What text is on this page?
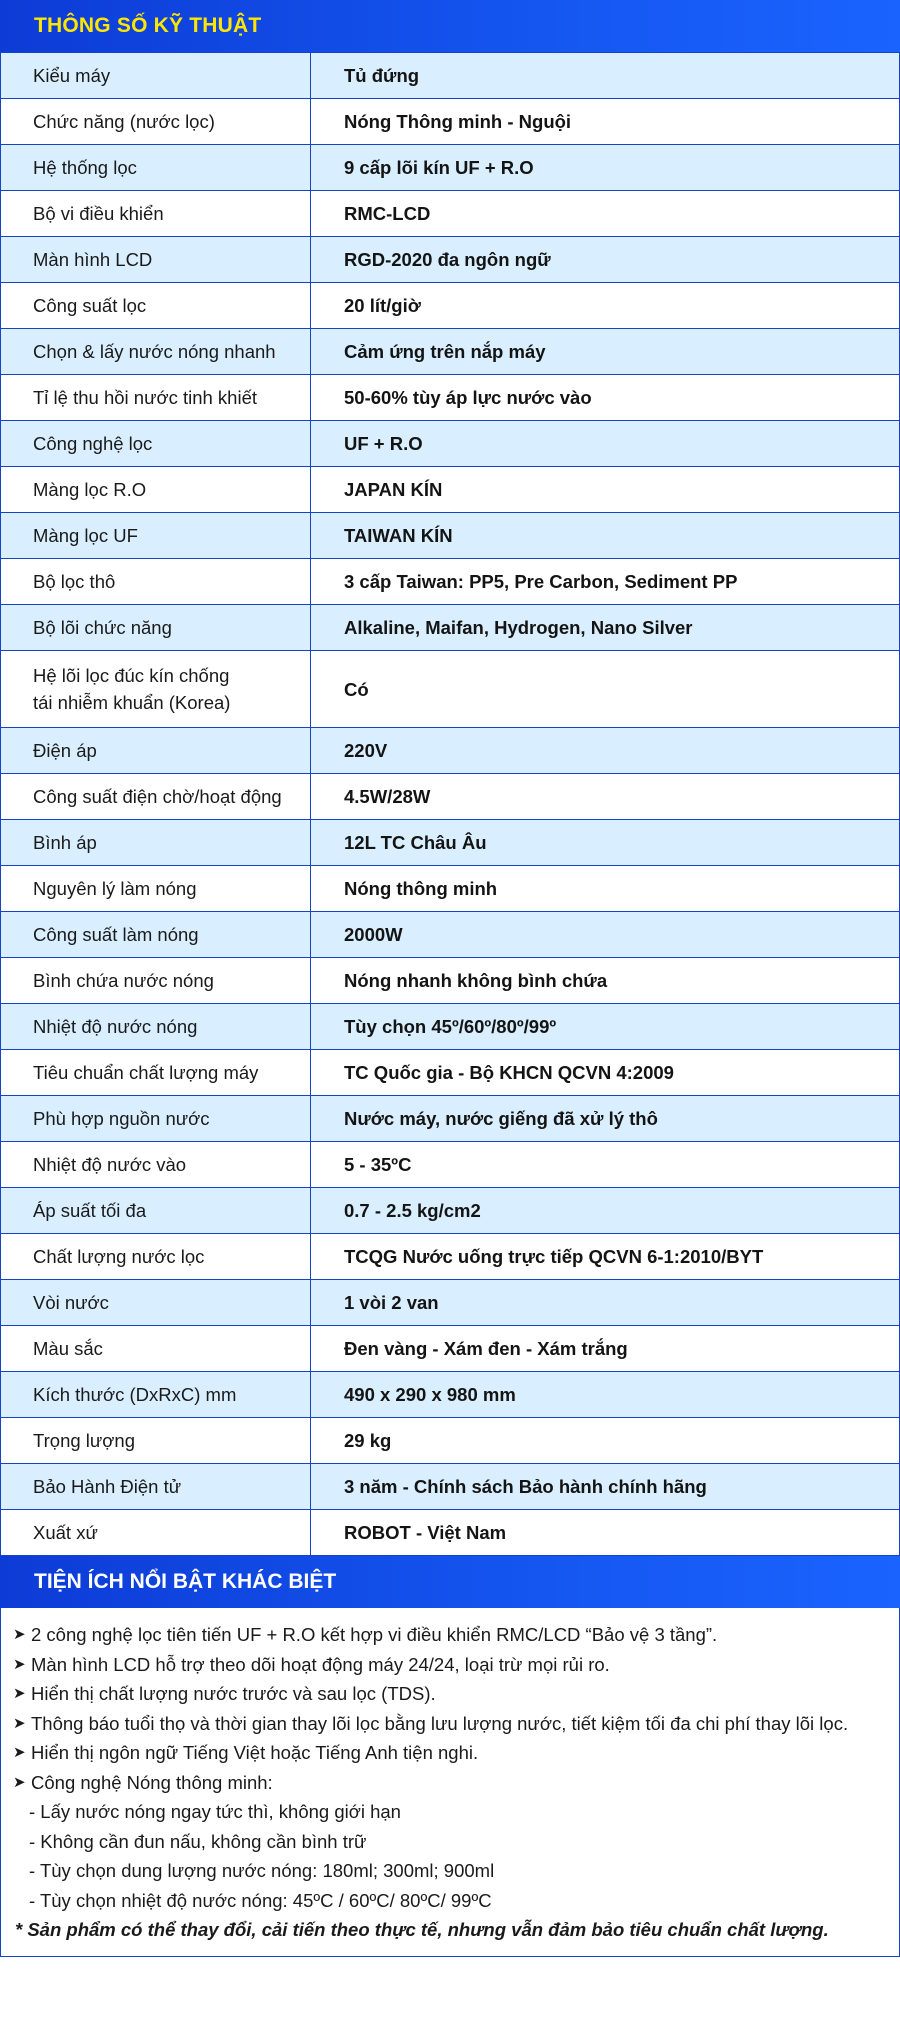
THÔNG SỐ KỸ THUẬT
Kiểu máy	Tủ đứng
Chức năng (nước lọc)	Nóng Thông minh - Nguội
Hệ thống lọc	9 cấp lõi kín UF + R.O
Bộ vi điều khiển	RMC-LCD
Màn hình LCD	RGD-2020 đa ngôn ngữ
Công suất lọc	20 lít/giờ
Chọn & lấy nước nóng nhanh	Cảm ứng trên nắp máy
Tỉ lệ thu hồi nước tinh khiết	50-60% tùy áp lực nước vào
Công nghệ lọc	UF + R.O
Màng lọc R.O	JAPAN KÍN
Màng lọc UF	TAIWAN KÍN
Bộ lọc thô	3 cấp Taiwan: PP5, Pre Carbon, Sediment PP
Bộ lõi chức năng	Alkaline, Maifan, Hydrogen, Nano Silver
Hệ lõi lọc đúc kín chống
tái nhiễm khuẩn (Korea)	Có
Điện áp	220V
Công suất điện chờ/hoạt động	4.5W/28W
Bình áp	12L TC Châu Âu
Nguyên lý làm nóng	Nóng thông minh
Công suất làm nóng	2000W
Bình chứa nước nóng	Nóng nhanh không bình chứa
Nhiệt độ nước nóng	Tùy chọn 45º/60º/80º/99º
Tiêu chuẩn chất lượng máy	TC Quốc gia - Bộ KHCN QCVN 4:2009
Phù hợp nguồn nước	Nước máy, nước giếng đã xử lý thô
Nhiệt độ nước vào	5 - 35ºC
Áp suất tối đa	0.7 - 2.5 kg/cm2
Chất lượng nước lọc	TCQG Nước uống trực tiếp QCVN 6-1:2010/BYT
Vòi nước	1 vòi 2 van
Màu sắc	Đen vàng - Xám đen - Xám trắng
Kích thước (DxRxC) mm	490 x 290 x 980 mm
Trọng lượng	29 kg
Bảo Hành Điện tử	3 năm - Chính sách Bảo hành chính hãng
Xuất xứ	ROBOT - Việt Nam
TIỆN ÍCH NỔI BẬT KHÁC BIỆT
➤ 2 công nghệ lọc tiên tiến UF + R.O kết hợp vi điều khiển RMC/LCD “Bảo vệ 3 tầng”.
➤ Màn hình LCD hỗ trợ theo dõi hoạt động máy 24/24, loại trừ mọi rủi ro.
➤ Hiển thị chất lượng nước trước và sau lọc (TDS).
➤ Thông báo tuổi thọ và thời gian thay lõi lọc bằng lưu lượng nước, tiết kiệm tối đa chi phí thay lõi lọc.
➤ Hiển thị ngôn ngữ Tiếng Việt hoặc Tiếng Anh tiện nghi.
➤ Công nghệ Nóng thông minh:
- Lấy nước nóng ngay tức thì, không giới hạn
- Không cần đun nấu, không cần bình trữ
- Tùy chọn dung lượng nước nóng: 180ml; 300ml; 900ml
- Tùy chọn nhiệt độ nước nóng: 45ºC / 60ºC/ 80ºC/ 99ºC
* Sản phẩm có thể thay đổi, cải tiến theo thực tế, nhưng vẫn đảm bảo tiêu chuẩn chất lượng.
